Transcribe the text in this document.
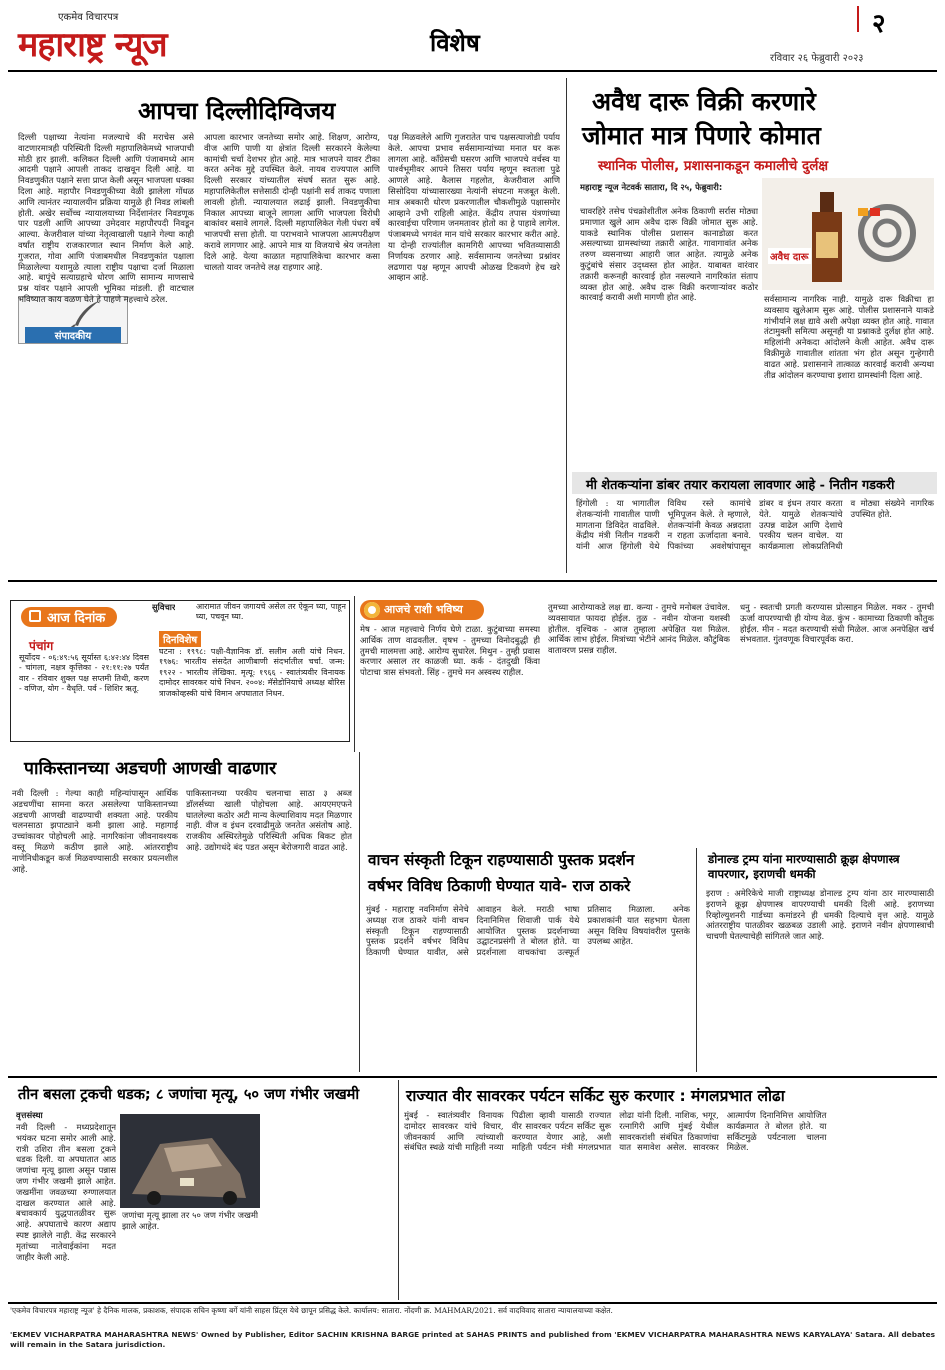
एकमेव विचारपत्र
महाराष्ट्र न्यूज	विशेष
२
रविवार २६ फेब्रुवारी २०२३
आपचा दिल्लीदिग्विजय
संपादकीय
दिल्ली पक्षाच्या नेत्यांना मजल्याचे की मराचेस असे वाटणारमात्रही परिस्थिती दिल्ली महापालिकेमध्ये भाजपाची मोठी हार झाली. कलिकत दिल्ली आणि पंजाबमध्ये आम आदमी पक्षाने आपली ताकद दाखवून दिली आहे. या निवडणुकीत पक्षाने सत्ता प्राप्त केली असून भाजपला धक्का दिला आहे. महापौर निवडणुकीच्या वेळी झालेला गोंधळ आणि त्यानंतर न्यायालयीन प्रक्रिया यामुळे ही निवड लांबली होती. अखेर सर्वोच्च न्यायालयाच्या निर्देशानंतर निवडणूक पार पडली आणि आपच्या उमेदवार महापौरपदी निवडून आल्या. केजरीवाल यांच्या नेतृत्वाखाली पक्षाने गेल्या काही वर्षांत राष्ट्रीय राजकारणात स्थान निर्माण केले आहे. गुजरात, गोवा आणि पंजाबमधील निवडणुकांत पक्षाला मिळालेल्या यशामुळे त्याला राष्ट्रीय पक्षाचा दर्जा मिळाला आहे. बापूंचे सत्याग्रहाचे धोरण आणि सामान्य माणसाचे प्रश्न यांवर पक्षाने आपली भूमिका मांडली. ही वाटचाल भविष्यात काय वळण घेते हे पाहणे महत्त्वाचे ठरेल.
आपला कारभार जनतेच्या समोर आहे. शिक्षण, आरोग्य, वीज आणि पाणी या क्षेत्रांत दिल्ली सरकारने केलेल्या कामांची चर्चा देशभर होत आहे. मात्र भाजपने यावर टीका करत अनेक मुद्दे उपस्थित केले. नायब राज्यपाल आणि दिल्ली सरकार यांच्यातील संघर्ष सतत सुरू आहे. महापालिकेतील सत्तेसाठी दोन्ही पक्षांनी सर्व ताकद पणाला लावली होती. न्यायालयात लढाई झाली. निवडणुकीचा निकाल आपच्या बाजूने लागला आणि भाजपला विरोधी बाकांवर बसावे लागले. दिल्ली महापालिकेत गेली पंधरा वर्षे भाजपची सत्ता होती. या पराभवाने भाजपला आत्मपरीक्षण करावे लागणार आहे. आपने मात्र या विजयाचे श्रेय जनतेला दिले आहे. येत्या काळात महापालिकेचा कारभार कसा चालतो यावर जनतेचे लक्ष राहणार आहे.
पक्ष मिळवलेले आणि गुजरातेत पाच पक्षसत्याजोडी पर्याय केले. आपचा प्रभाव सर्वसामान्यांच्या मनात घर करू लागला आहे. काँग्रेसची घसरण आणि भाजपचे वर्चस्व या पार्श्वभूमीवर आपने तिसरा पर्याय म्हणून स्वतःला पुढे आणले आहे. कैलास गहलोत, केजरीवाल आणि सिसोदिया यांच्यासारख्या नेत्यांनी संघटना मजबूत केली. मात्र अबकारी धोरण प्रकरणातील चौकशीमुळे पक्षासमोर आव्हाने उभी राहिली आहेत. केंद्रीय तपास यंत्रणांच्या कारवाईचा परिणाम जनमतावर होतो का हे पाहावे लागेल. पंजाबमध्ये भगवंत मान यांचे सरकार कारभार करीत आहे. या दोन्ही राज्यांतील कामगिरी आपच्या भवितव्यासाठी निर्णायक ठरणार आहे. सर्वसामान्य जनतेच्या प्रश्नांवर लढणारा पक्ष म्हणून आपची ओळख टिकवणे हेच खरे आव्हान आहे.
अवैध दारू विक्री करणारे
जोमात मात्र पिणारे कोमात
स्थानिक पोलीस, प्रशासनाकडून कमालीचे दुर्लक्ष
अवैध दारू
महाराष्ट्र न्यूज नेटवर्क सातारा, दि २५, फेब्रुवारी:
चावरहिरे तसेच पंचक्रोशीतील अनेक ठिकाणी सर्रास मोठ्या प्रमाणात खुले आम अवैध दारू विक्री जोमात सुरू आहे. याकडे स्थानिक पोलीस प्रशासन कानाडोळा करत असल्याच्या ग्रामस्थांच्या तक्रारी आहेत. गावागावांत अनेक तरुण व्यसनाच्या आहारी जात आहेत. त्यामुळे अनेक कुटुंबांचे संसार उद्ध्वस्त होत आहेत. याबाबत वारंवार तक्रारी करूनही कारवाई होत नसल्याने नागरिकांत संताप व्यक्त होत आहे. अवैध दारू विक्री करणाऱ्यांवर कठोर कारवाई करावी अशी मागणी होत आहे.	सर्वसामान्य नागरिक नाही. यामुळे दारू विक्रीचा हा व्यवसाय खुलेआम सुरू आहे. पोलीस प्रशासनाने याकडे गांभीर्याने लक्ष द्यावे अशी अपेक्षा व्यक्त होत आहे. गावात तंटामुक्ती समित्या असूनही या प्रश्नाकडे दुर्लक्ष होत आहे. महिलांनी अनेकदा आंदोलने केली आहेत. अवैध दारू विक्रीमुळे गावातील शांतता भंग होत असून गुन्हेगारी वाढत आहे. प्रशासनाने तात्काळ कारवाई करावी अन्यथा तीव्र आंदोलन करण्याचा इशारा ग्रामस्थांनी दिला आहे.
मी शेतकऱ्यांना डांबर तयार करायला लावणार आहे - नितीन गडकरी
हिंगोली : या भागातील शेतकऱ्यांनी गावातील पाणी मागताना डिविदेत वाढविले. केंद्रीय मंत्री नितीन गडकरी यांनी आज हिंगोली येथे विविध रस्ते कामांचे भूमिपूजन केले. ते म्हणाले, शेतकऱ्यांनी केवळ अन्नदाता न राहता ऊर्जादाता बनावे. पिकांच्या अवशेषांपासून डांबर व इंधन तयार करता येते. यामुळे शेतकऱ्यांचे उत्पन्न वाढेल आणि देशाचे परकीय चलन वाचेल. या कार्यक्रमाला लोकप्रतिनिधी व मोठ्या संख्येने नागरिक उपस्थित होते.
आज दिनांक
पंचांग
सूर्योदय - ०६:४९:५६ सूर्यास्त ६:४२:४४ दिवस - चांगला, नक्षत्र कृत्तिका - २१:११:२७ पर्यंत वार - रविवार शुक्ल पक्ष सप्तमी तिथी, करण - वणिज, योग - वैधृति. पर्व - शिशिर ऋतू.
दिनविशेष
घटना : १९९८: पक्षी-वैज्ञानिक डॉ. सलीम अली यांचे निधन. १९७६: भारतीय संसदेत आणीबाणी संदर्भातील चर्चा. जन्म: १९२२ - भारतीय लेखिका. मृत्यू: १९६६ - स्वातंत्र्यवीर विनायक दामोदर सावरकर यांचे निधन. २००४: मॅसेडोनियाचे अध्यक्ष बोरिस त्राजकोव्हस्की यांचे विमान अपघातात निधन.
सुविचार	आरामात जीवन जगायचे असेल तर ऐकून घ्या, पाहून घ्या, पचवून घ्या.
आजचे राशी भविष्य
मेष - आज महत्त्वाचे निर्णय घेणे टाळा. कुटुंबाच्या समस्या आर्थिक ताण वाढवतील. वृषभ - तुमच्या विनोदबुद्धी ही तुमची मालमत्ता आहे. आरोग्य सुधारेल. मिथुन - तुम्ही प्रवास करणार असाल तर काळजी घ्या. कर्क - दंतदुखी किंवा पोटाचा त्रास संभवतो. सिंह - तुमचे मन अस्वस्थ राहील.
तुमच्या आरोग्याकडे लक्ष द्या. कन्या - तुमचे मनोबल उंचावेल. व्यवसायात फायदा होईल. तुळ - नवीन योजना यशस्वी होतील. वृश्चिक - आज तुम्हाला अपेक्षित यश मिळेल. आर्थिक लाभ होईल. मित्रांच्या भेटीने आनंद मिळेल. कौटुंबिक वातावरण प्रसन्न राहील.
धनु - स्वतःची प्रगती करण्यास प्रोत्साहन मिळेल. मकर - तुमची ऊर्जा वापरण्याची ही योग्य वेळ. कुंभ - कामाच्या ठिकाणी कौतुक होईल. मीन - मदत करण्याची संधी मिळेल. आज अनपेक्षित खर्च संभवतात. गुंतवणूक विचारपूर्वक करा.
पाकिस्तानच्या अडचणी आणखी वाढणार
नवी दिल्ली : गेल्या काही महिन्यांपासून आर्थिक अडचणींचा सामना करत असलेल्या पाकिस्तानच्या अडचणी आणखी वाढण्याची शक्यता आहे. परकीय चलनसाठा झपाट्याने कमी झाला आहे. महागाई उच्चांकावर पोहोचली आहे. नागरिकांना जीवनावश्यक वस्तू मिळणे कठीण झाले आहे. आंतरराष्ट्रीय नाणेनिधीकडून कर्ज मिळवण्यासाठी सरकार प्रयत्नशील आहे.
पाकिस्तानच्या परकीय चलनाचा साठा ३ अब्ज डॉलर्सच्या खाली पोहोचला आहे. आयएमएफने घातलेल्या कठोर अटी मान्य केल्याशिवाय मदत मिळणार नाही. वीज व इंधन दरवाढीमुळे जनतेत असंतोष आहे. राजकीय अस्थिरतेमुळे परिस्थिती अधिक बिकट होत आहे. उद्योगधंदे बंद पडत असून बेरोजगारी वाढत आहे.
वाचन संस्कृती टिकून राहण्यासाठी पुस्तक प्रदर्शन
वर्षभर विविध ठिकाणी घेण्यात यावे- राज ठाकरे
मुंबई - महाराष्ट्र नवनिर्माण सेनेचे अध्यक्ष राज ठाकरे यांनी वाचन संस्कृती टिकून राहण्यासाठी पुस्तक प्रदर्शने वर्षभर विविध ठिकाणी घेण्यात यावीत, असे आवाहन केले. मराठी भाषा दिनानिमित्त शिवाजी पार्क येथे आयोजित पुस्तक प्रदर्शनाच्या उद्घाटनप्रसंगी ते बोलत होते. या प्रदर्शनाला वाचकांचा उत्स्फूर्त प्रतिसाद मिळाला. अनेक प्रकाशकांनी यात सहभाग घेतला असून विविध विषयांवरील पुस्तके उपलब्ध आहेत.
डोनाल्ड ट्रम्प यांना मारण्यासाठी क्रूझ क्षेपणास्त्र वापरणार, इराणची धमकी
इराण : अमेरिकेचे माजी राष्ट्राध्यक्ष डोनाल्ड ट्रम्प यांना ठार मारण्यासाठी इराणने क्रूझ क्षेपणास्त्र वापरण्याची धमकी दिली आहे. इराणच्या रिव्होल्युशनरी गार्डच्या कमांडरने ही धमकी दिल्याचे वृत्त आहे. यामुळे आंतरराष्ट्रीय पातळीवर खळबळ उडाली आहे. इराणने नवीन क्षेपणास्त्राची चाचणी घेतल्याचेही सांगितले जात आहे.
तीन बसला ट्रकची धडक; ८ जणांचा मृत्यू, ५० जण गंभीर जखमी
वृत्तसंस्था
नवी दिल्ली - मध्यप्रदेशातून भयंकर घटना समोर आली आहे. रात्री उशिरा तीन बसला ट्रकने धडक दिली. या अपघातात आठ जणांचा मृत्यू झाला असून पन्नास जण गंभीर जखमी झाले आहेत. जखमींना जवळच्या रुग्णालयात दाखल करण्यात आले आहे. बचावकार्य युद्धपातळीवर सुरू आहे. अपघाताचे कारण अद्याप स्पष्ट झालेले नाही. केंद्र सरकारने मृतांच्या नातेवाईकांना मदत जाहीर केली आहे.
जणांचा मृत्यू झाला तर ५० जण गंभीर जखमी झाले आहेत.
राज्यात वीर सावरकर पर्यटन सर्किट सुरु करणार : मंगलप्रभात लोढा
मुंबई - स्वातंत्र्यवीर विनायक दामोदर सावरकर यांचे विचार, जीवनकार्य आणि त्यांच्याशी संबंधित स्थळे यांची माहिती नव्या पिढीला व्हावी यासाठी राज्यात वीर सावरकर पर्यटन सर्किट सुरू करण्यात येणार आहे, अशी माहिती पर्यटन मंत्री मंगलप्रभात लोढा यांनी दिली. नाशिक, भगूर, रत्नागिरी आणि मुंबई येथील सावरकरांशी संबंधित ठिकाणांचा यात समावेश असेल. सावरकर आत्मार्पण दिनानिमित्त आयोजित कार्यक्रमात ते बोलत होते. या सर्किटमुळे पर्यटनाला चालना मिळेल.
'एकमेव विचारपत्र महाराष्ट्र न्यूज' हे दैनिक मालक, प्रकाशक, संपादक सचिन कृष्णा बर्गे यांनी साहस प्रिंट्स येथे छापून प्रसिद्ध केले. कार्यालय: सातारा. नोंदणी क्र. MAHMAR/2021. सर्व वादविवाद सातारा न्यायालयाच्या कक्षेत.
'EKMEV VICHARPATRA MAHARASHTRA NEWS' Owned by Publisher, Editor SACHIN KRISHNA BARGE printed at SAHAS PRINTS and published from 'EKMEV VICHARPATRA MAHARASHTRA NEWS KARYALAYA' Satara. All debates will remain in the Satara jurisdiction.
